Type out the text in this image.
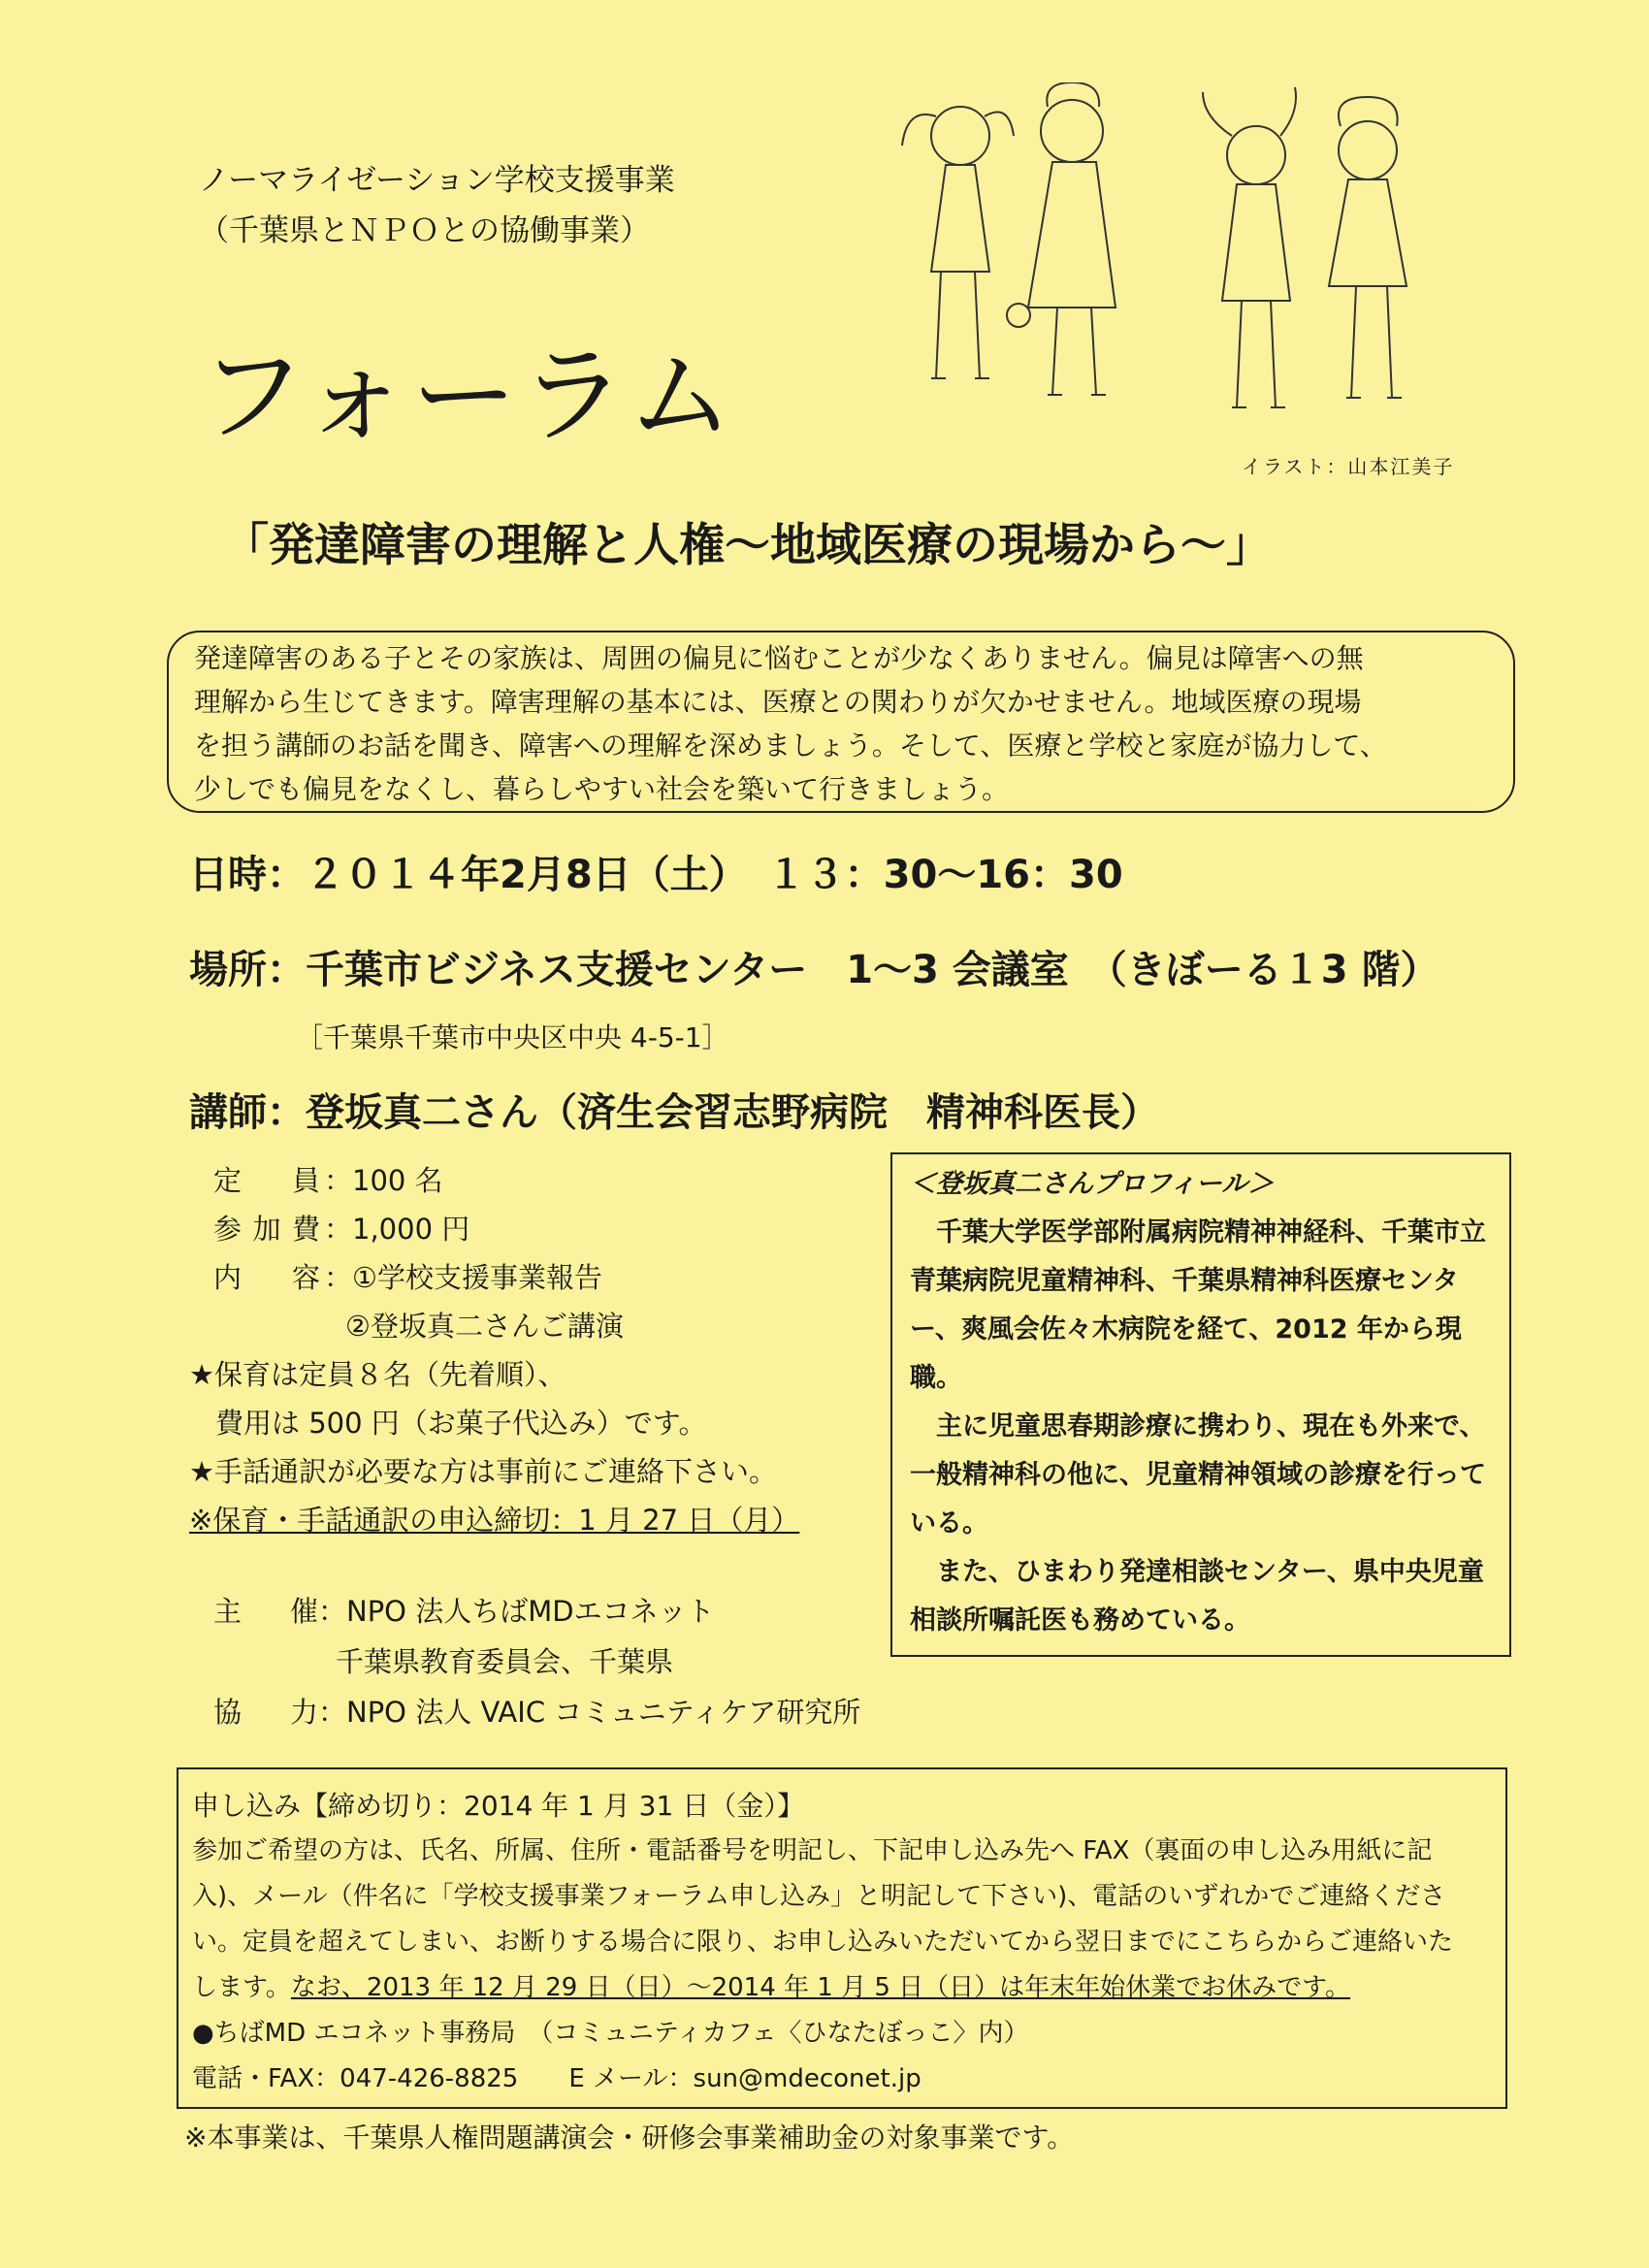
ノーマライゼーション学校支援事業
（千葉県とＮＰＯとの協働事業）
フォーラム
イラスト：山本江美子
「発達障害の理解と人権～地域医療の現場から～」
発達障害のある子とその家族は、周囲の偏見に悩むことが少なくありません。偏見は障害への無
理解から生じてきます。障害理解の基本には、医療との関わりが欠かせません。地域医療の現場
を担う講師のお話を聞き、障害への理解を深めましょう。そして、医療と学校と家庭が協力して、
少しでも偏見をなくし、暮らしやすい社会を築いて行きましょう。
日時：２０１４年2月8日（土）　１３：30～16：30
場所：千葉市ビジネス支援センター　1～3 会議室　（きぼーる１3 階）
［千葉県千葉市中央区中央 4-5-1］
講師：登坂真二さん（済生会習志野病院　精神科医長）
定　員 ：100 名
参加費 ：1,000 円
内　容 ：①学校支援事業報告
②登坂真二さんご講演
★保育は定員８名（先着順）、
費用は 500 円（お菓子代込み）です。
★手話通訳が必要な方は事前にご連絡下さい。
※保育・手話通訳の申込締切：1 月 27 日（月）
＜登坂真二さんプロフィール＞

千葉大学医学部附属病院精神神経科、千葉市立青葉病院児童精神科、千葉県精神科医療センター、爽風会佐々木病院を経て、2012 年から現職。

主に児童思春期診療に携わり、現在も外来で、一般精神科の他に、児童精神領域の診療を行っている。

また、ひまわり発達相談センター、県中央児童相談所嘱託医も務めている。

主　催 ：NPO 法人ちばMDエコネット
千葉県教育委員会、千葉県
協　力 ：NPO 法人 VAIC コミュニティケア研究所
申し込み【締め切り：2014 年 1 月 31 日（金）】
参加ご希望の方は、氏名、所属、住所・電話番号を明記し、下記申し込み先へ FAX（裏面の申し込み用紙に記
入)、メール（件名に「学校支援事業フォーラム申し込み」と明記して下さい)、電話のいずれかでご連絡くださ
い。定員を超えてしまい、お断りする場合に限り、お申し込みいただいてから翌日までにこちらからご連絡いた
します。なお、2013 年 12 月 29 日（日）～2014 年 1 月 5 日（日）は年末年始休業でお休みです。
●ちばMD エコネット事務局　（コミュニティカフェ〈ひなたぼっこ〉内）
電話・FAX：047-426-8825　　E メール：sun@mdeconet.jp
※本事業は、千葉県人権問題講演会・研修会事業補助金の対象事業です。
